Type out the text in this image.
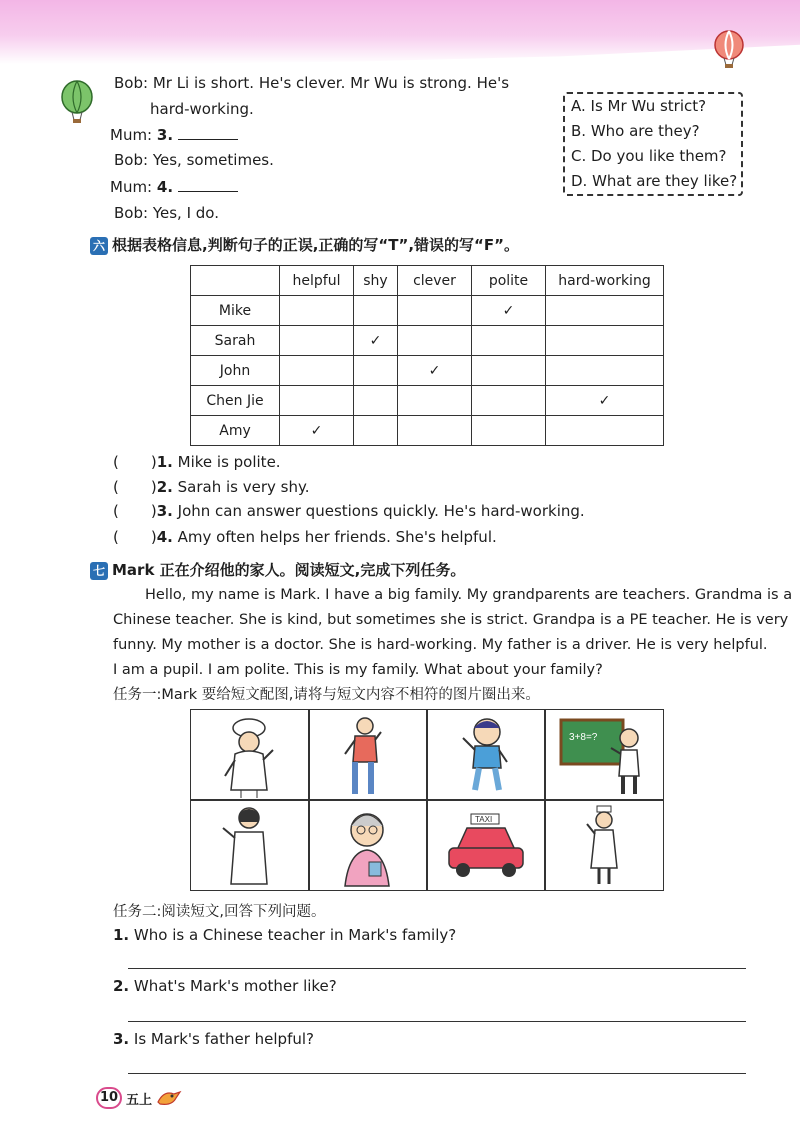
Bob: Mr Li is short. He's clever. Mr Wu is strong. He's
hard-working.
Mum: 3.
Bob: Yes, sometimes.
Mum: 4.
Bob: Yes, I do.
A. Is Mr Wu strict?
B. Who are they?
C. Do you like them?
D. What are they like?
六 根据表格信息,判断句子的正误,正确的写“T”,错误的写“F”。
	helpful	shy	clever	polite	hard-working
Mike				✓	
Sarah		✓			
John			✓		
Chen Jie					✓
Amy	✓				
( )1. Mike is polite.
( )2. Sarah is very shy.
( )3. John can answer questions quickly. He's hard-working.
( )4. Amy often helps her friends. She's helpful.
七 Mark 正在介绍他的家人。阅读短文,完成下列任务。
Hello, my name is Mark. I have a big family. My grandparents are teachers. Grandma is a
Chinese teacher. She is kind, but sometimes she is strict. Grandpa is a PE teacher. He is very
funny. My mother is a doctor. She is hard-working. My father is a driver. He is very helpful.
I am a pupil. I am polite. This is my family. What about your family?
任务一:Mark 要给短文配图,请将与短文内容不相符的图片圈出来。
3+8=?
TAXI
任务二:阅读短文,回答下列问题。
1. Who is a Chinese teacher in Mark's family?
2. What's Mark's mother like?
3. Is Mark's father helpful?
10 五上
